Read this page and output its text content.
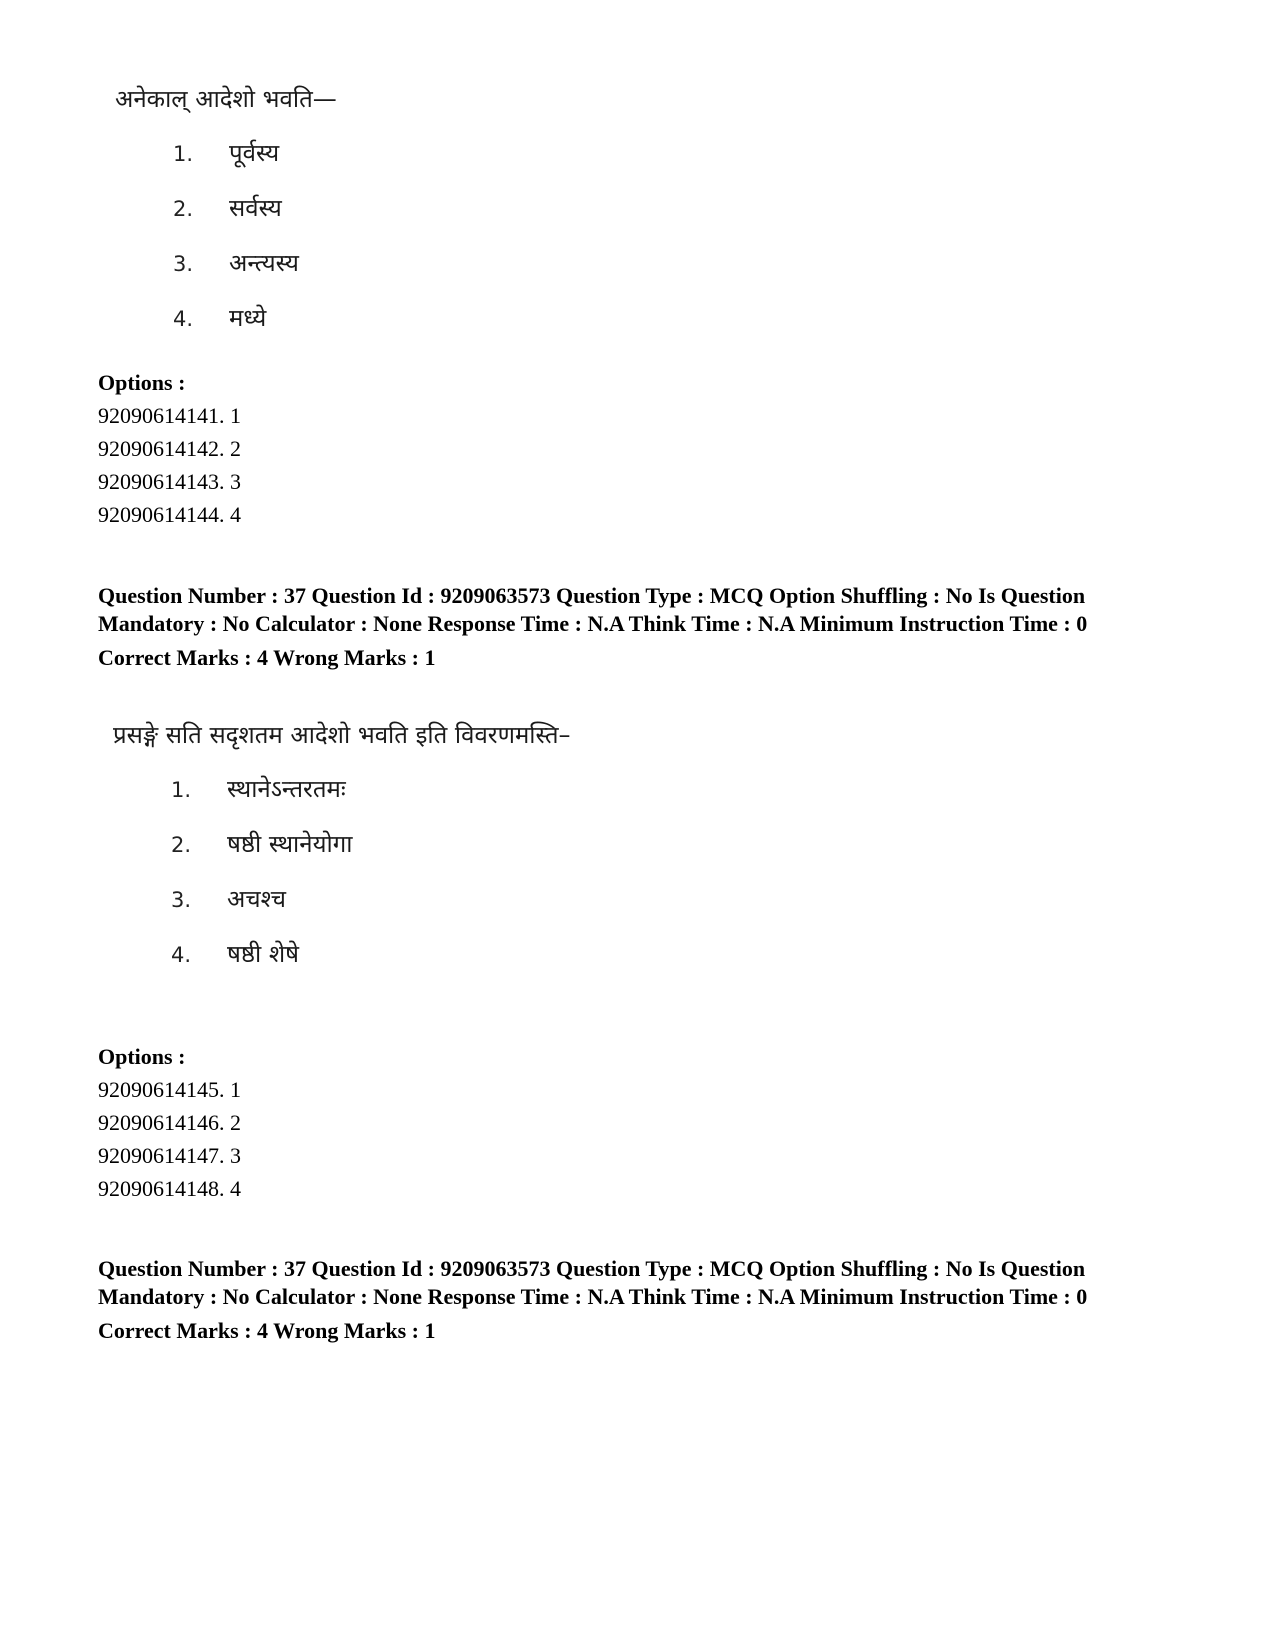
अनेकाल् आदेशो भवति—
1.	पूर्वस्य
2.	सर्वस्य
3.	अन्त्यस्य
4.	मध्ये
Options :
92090614141. 1
92090614142. 2
92090614143. 3
92090614144. 4
Question Number : 37 Question Id : 9209063573 Question Type : MCQ Option Shuffling : No Is Question Mandatory : No Calculator : None Response Time : N.A Think Time : N.A Minimum Instruction Time : 0
Correct Marks : 4 Wrong Marks : 1
प्रसङ्गे सति सदृशतम आदेशो भवति इति विवरणमस्ति–
1.	स्थानेऽन्तरतमः
2.	षष्ठी स्थानेयोगा
3.	अचश्च
4.	षष्ठी शेषे
Options :
92090614145. 1
92090614146. 2
92090614147. 3
92090614148. 4
Question Number : 37 Question Id : 9209063573 Question Type : MCQ Option Shuffling : No Is Question Mandatory : No Calculator : None Response Time : N.A Think Time : N.A Minimum Instruction Time : 0
Correct Marks : 4 Wrong Marks : 1
